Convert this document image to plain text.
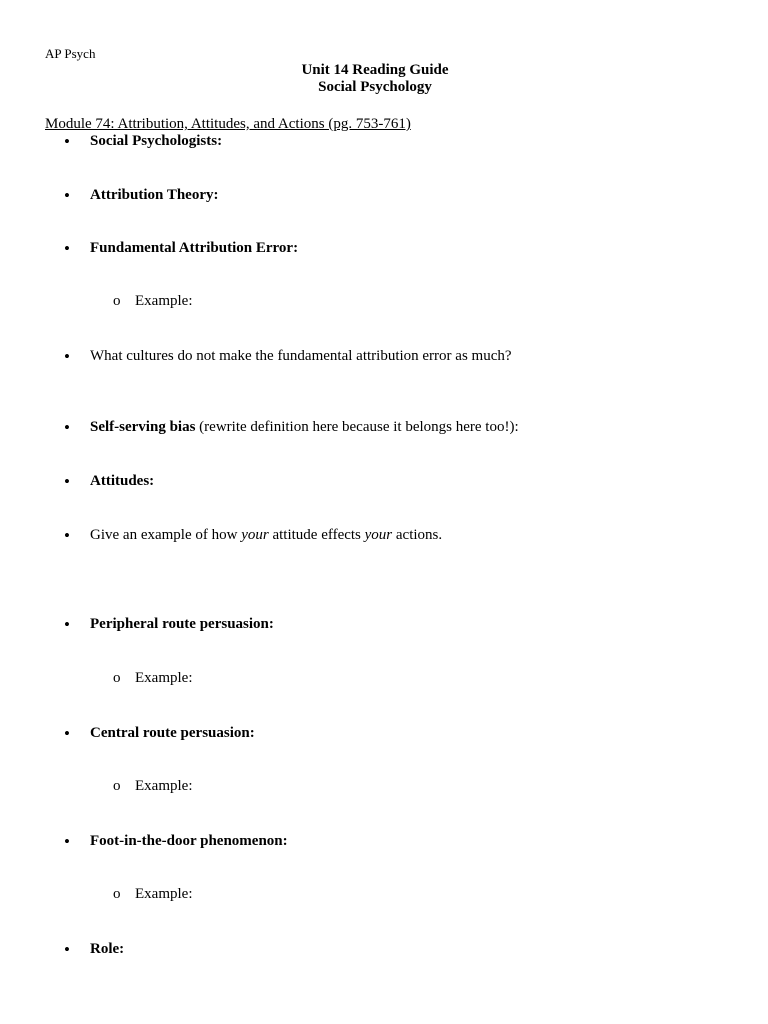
AP Psych
Unit 14 Reading Guide
Social Psychology
Module 74: Attribution, Attitudes, and Actions (pg. 753-761)
• Social Psychologists:
• Attribution Theory:
• Fundamental Attribution Error:
o Example:
• What cultures do not make the fundamental attribution error as much?
• Self-serving bias (rewrite definition here because it belongs here too!):
• Attitudes:
• Give an example of how your attitude effects your actions.
• Peripheral route persuasion:
o Example:
• Central route persuasion:
o Example:
• Foot-in-the-door phenomenon:
o Example:
• Role:
